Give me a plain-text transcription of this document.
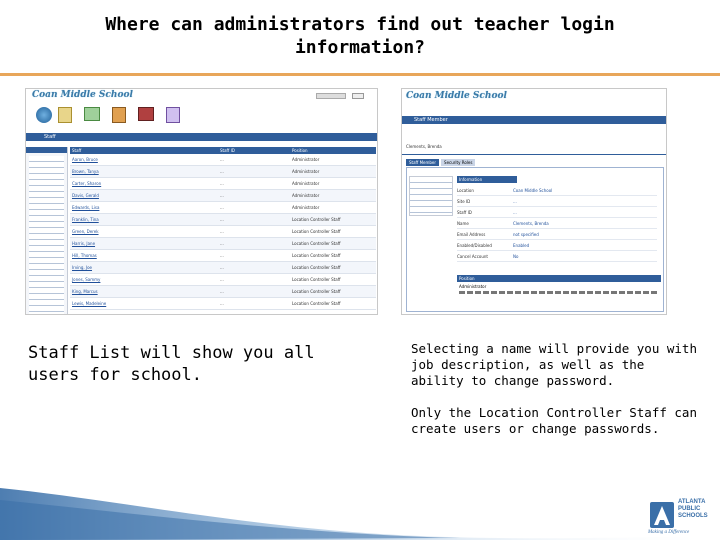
Where can administrators find out teacher login information?
Coan Middle School
Staff
Staff	Staff ID	Position
Aaron, Bruce	...	Administrator
Brown, Tanya	...	Administrator
Carter, Sharon	...	Administrator
Davis, Gerald	...	Administrator
Edwards, Lisa	...	Administrator
Franklin, Tina	...	Location Controller Staff
Green, Derek	...	Location Controller Staff
Harris, Jane	...	Location Controller Staff
Hill, Thomas	...	Location Controller Staff
Irving, Joe	...	Location Controller Staff
Jones, Sammy	...	Location Controller Staff
King, Marcus	...	Location Controller Staff
Lewis, Madeleine	...	Location Controller Staff
Coan Middle School
Staff Member
Clements, Brenda
Staff Member	Security Roles
Information
Location	Coan Middle School
Site ID	...
Staff ID	...
Name	Clements, Brenda
Email Address	not specified
Enabled/Disabled	Enabled
Cancel Account	No
Position
Administrator
Staff List will show you all users for school.

Selecting a name will provide you with job description, as well as the ability to change password.

Only the Location Controller Staff can create users or change passwords.

ATLANTA
PUBLIC
SCHOOLS
Making a Difference
